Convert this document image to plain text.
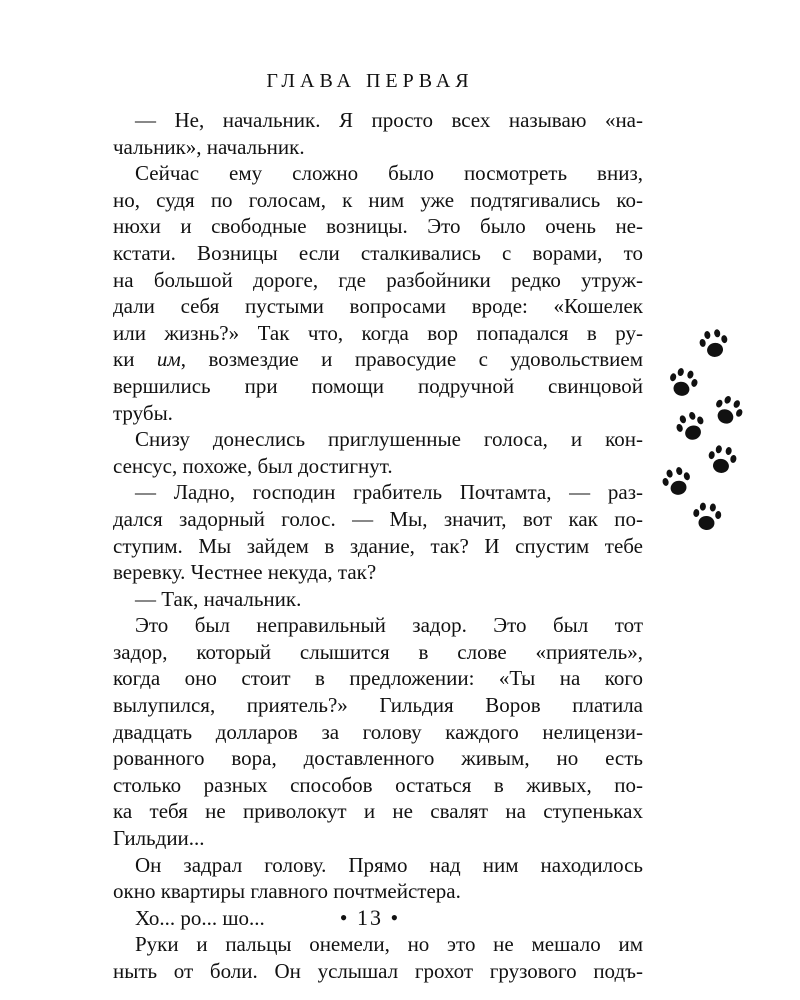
ГЛАВА ПЕРВАЯ
— Не, начальник. Я просто всех называю «на-
чальник», начальник.
Сейчас ему сложно было посмотреть вниз,
но, судя по голосам, к ним уже подтягивались ко-
нюхи и свободные возницы. Это было очень не-
кстати. Возницы если сталкивались с ворами, то
на большой дороге, где разбойники редко утруж-
дали себя пустыми вопросами вроде: «Кошелек
или жизнь?» Так что, когда вор попадался в ру-
ки им, возмездие и правосудие с удовольствием
вершились при помощи подручной свинцовой
трубы.
Снизу донеслись приглушенные голоса, и кон-
сенсус, похоже, был достигнут.
— Ладно, господин грабитель Почтамта, — раз-
дался задорный голос. — Мы, значит, вот как по-
ступим. Мы зайдем в здание, так? И спустим тебе
веревку. Честнее некуда, так?
— Так, начальник.
Это был неправильный задор. Это был тот
задор, который слышится в слове «приятель»,
когда оно стоит в предложении: «Ты на кого
вылупился, приятель?» Гильдия Воров платила
двадцать долларов за голову каждого нелицензи-
рованного вора, доставленного живым, но есть
столько разных способов остаться в живых, по-
ка тебя не приволокут и не свалят на ступеньках
Гильдии...
Он задрал голову. Прямо над ним находилось
окно квартиры главного почтмейстера.
Хо... ро... шо...
Руки и пальцы онемели, но это не мешало им
ныть от боли. Он услышал грохот грузового подъ-
• 13 •
